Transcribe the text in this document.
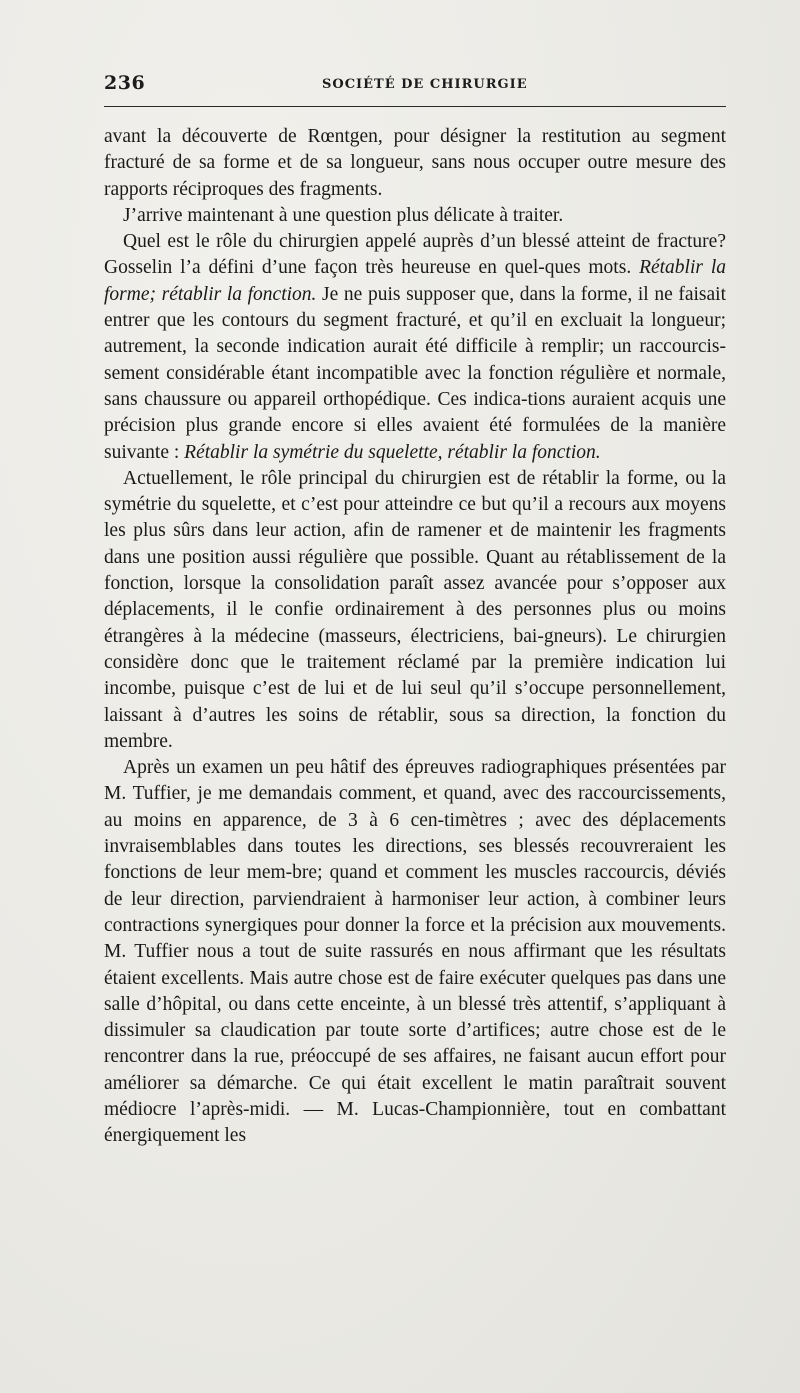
236	SOCIÉTÉ DE CHIRURGIE

avant la découverte de Rœntgen, pour désigner la restitution au segment fracturé de sa forme et de sa longueur, sans nous occuper outre mesure des rapports réciproques des fragments.

J’arrive maintenant à une question plus délicate à traiter.

Quel est le rôle du chirurgien appelé auprès d’un blessé atteint de fracture? Gosselin l’a défini d’une façon très heureuse en quel-ques mots. Rétablir la forme; rétablir la fonction. Je ne puis supposer que, dans la forme, il ne faisait entrer que les contours du segment fracturé, et qu’il en excluait la longueur; autrement, la seconde indication aurait été difficile à remplir; un raccourcis-sement considérable étant incompatible avec la fonction régulière et normale, sans chaussure ou appareil orthopédique. Ces indica-tions auraient acquis une précision plus grande encore si elles avaient été formulées de la manière suivante : Rétablir la symétrie du squelette, rétablir la fonction.

Actuellement, le rôle principal du chirurgien est de rétablir la forme, ou la symétrie du squelette, et c’est pour atteindre ce but qu’il a recours aux moyens les plus sûrs dans leur action, afin de ramener et de maintenir les fragments dans une position aussi régulière que possible. Quant au rétablissement de la fonction, lorsque la consolidation paraît assez avancée pour s’opposer aux déplacements, il le confie ordinairement à des personnes plus ou moins étrangères à la médecine (masseurs, électriciens, bai-gneurs). Le chirurgien considère donc que le traitement réclamé par la première indication lui incombe, puisque c’est de lui et de lui seul qu’il s’occupe personnellement, laissant à d’autres les soins de rétablir, sous sa direction, la fonction du membre.

Après un examen un peu hâtif des épreuves radiographiques présentées par M. Tuffier, je me demandais comment, et quand, avec des raccourcissements, au moins en apparence, de 3 à 6 cen-timètres ; avec des déplacements invraisemblables dans toutes les directions, ses blessés recouvreraient les fonctions de leur mem-bre; quand et comment les muscles raccourcis, déviés de leur direction, parviendraient à harmoniser leur action, à combiner leurs contractions synergiques pour donner la force et la précision aux mouvements. M. Tuffier nous a tout de suite rassurés en nous affirmant que les résultats étaient excellents. Mais autre chose est de faire exécuter quelques pas dans une salle d’hôpital, ou dans cette enceinte, à un blessé très attentif, s’appliquant à dissimuler sa claudication par toute sorte d’artifices; autre chose est de le rencontrer dans la rue, préoccupé de ses affaires, ne faisant aucun effort pour améliorer sa démarche. Ce qui était excellent le matin paraîtrait souvent médiocre l’après-midi. — M. Lucas-Championnière, tout en combattant énergiquement les
